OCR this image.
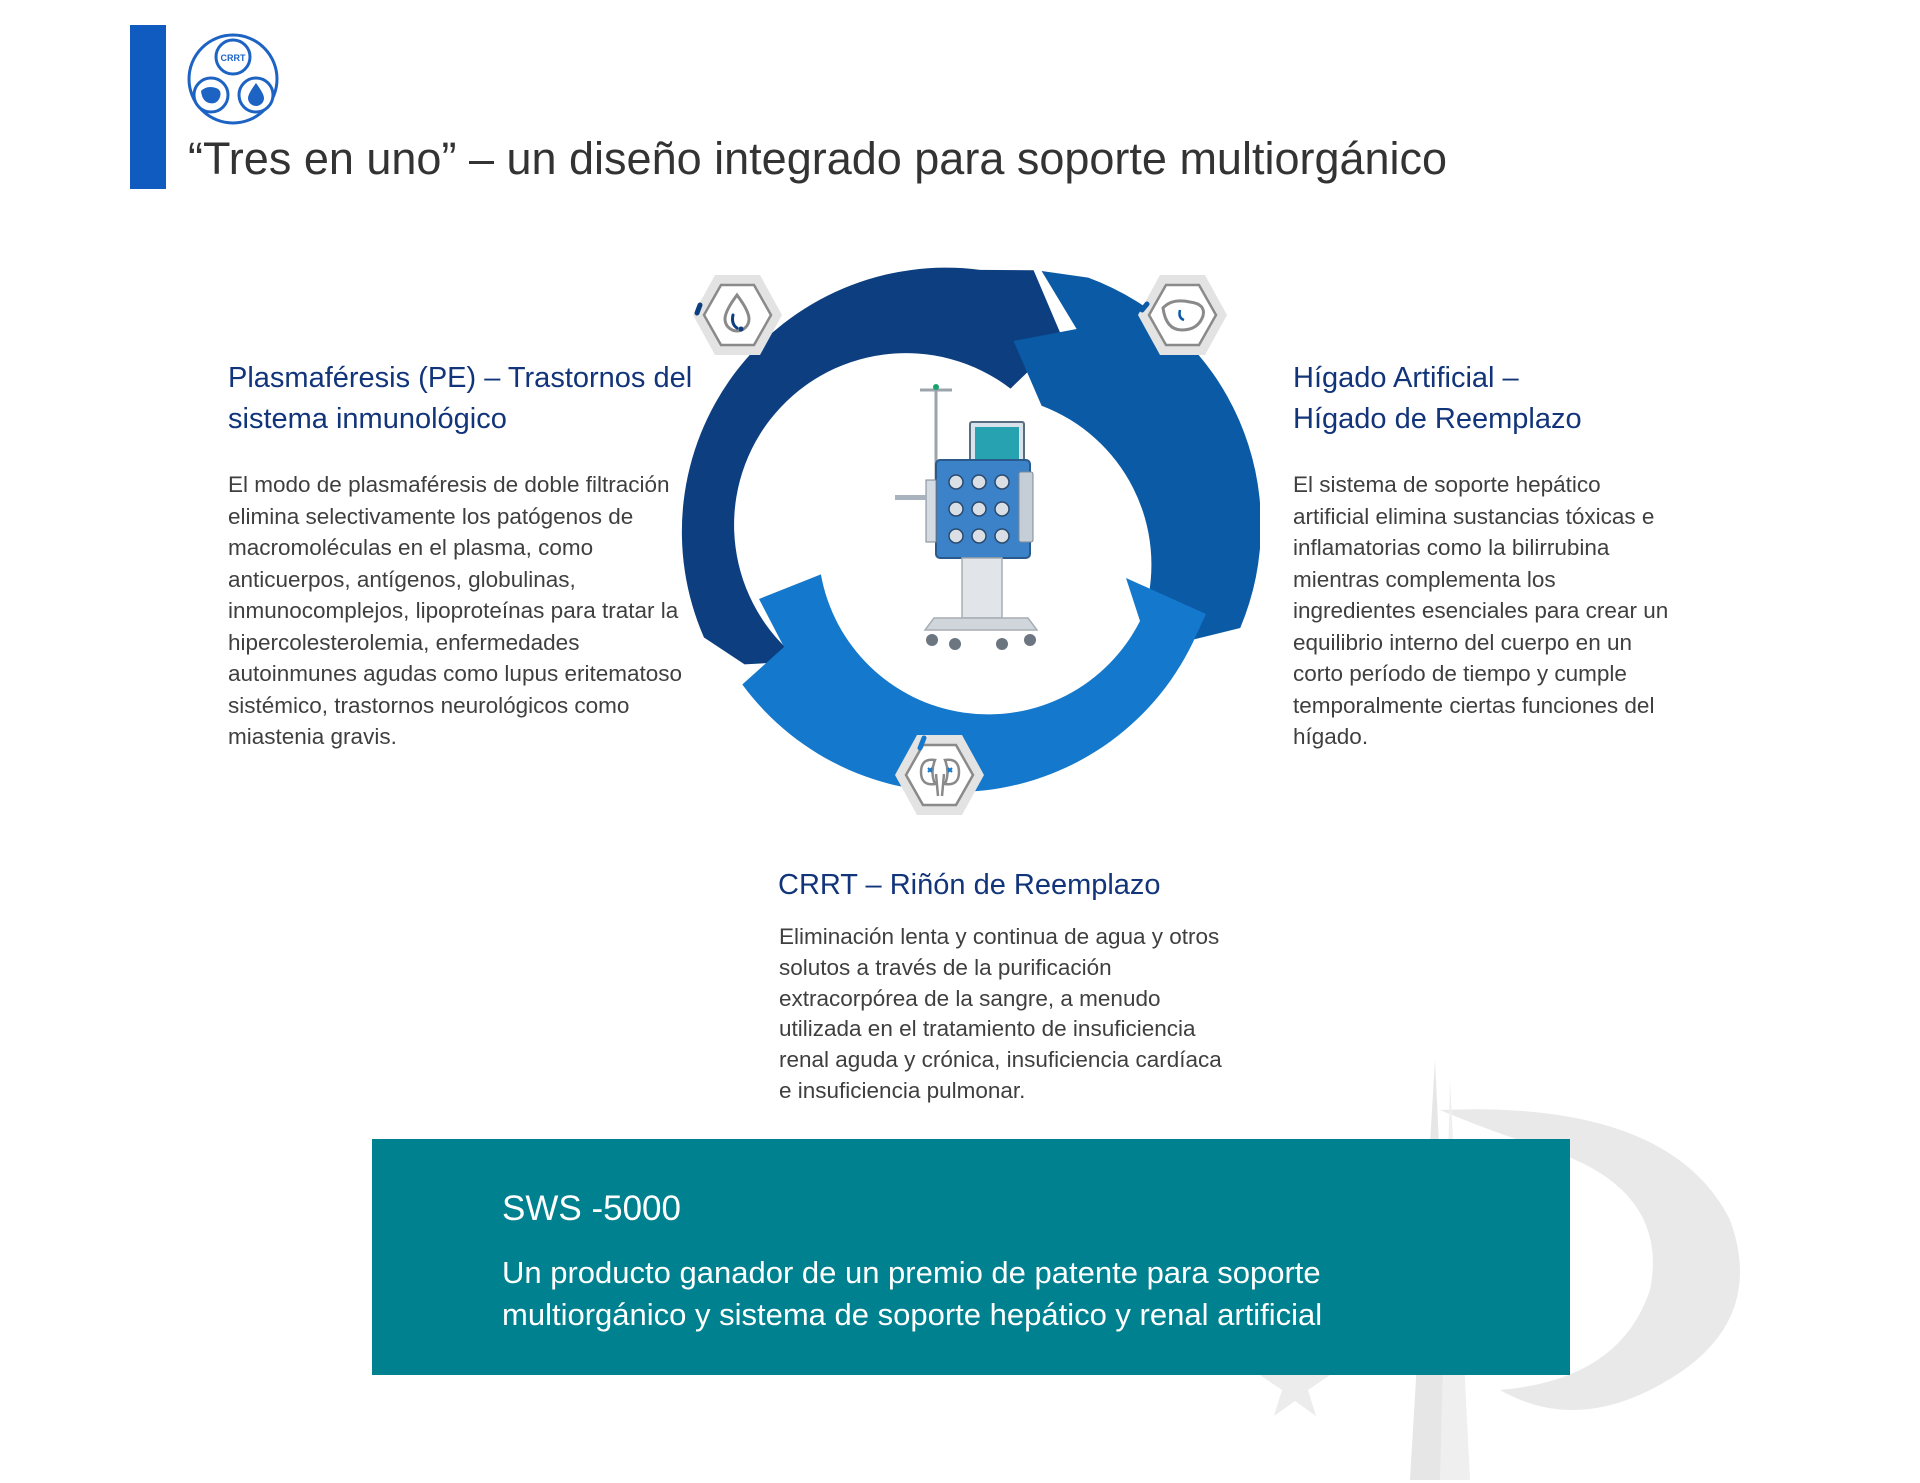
CRRT
“Tres en uno” – un diseño integrado para soporte multiorgánico
Plasmaféresis (PE) – Trastornos del sistema inmunológico

El modo de plasmaféresis de doble filtración elimina selectivamente los patógenos de macromoléculas en el plasma, como anticuerpos, antígenos, globulinas, inmunocomplejos, lipoproteínas para tratar la hipercolesterolemia, enfermedades autoinmunes agudas como lupus eritematoso sistémico, trastornos neurológicos como miastenia gravis.

Hígado Artificial –
Hígado de Reemplazo

El sistema de soporte hepático artificial elimina sustancias tóxicas e inflamatorias como la bilirrubina mientras complementa los ingredientes esenciales para crear un equilibrio interno del cuerpo en un corto período de tiempo y cumple temporalmente ciertas funciones del hígado.

CRRT – Riñón de Reemplazo

Eliminación lenta y continua de agua y otros solutos a través de la purificación extracorpórea de la sangre, a menudo utilizada en el tratamiento de insuficiencia renal aguda y crónica, insuficiencia cardíaca e insuficiencia pulmonar.

SWS -5000

Un producto ganador de un premio de patente para soporte multiorgánico y sistema de soporte hepático y renal artificial
